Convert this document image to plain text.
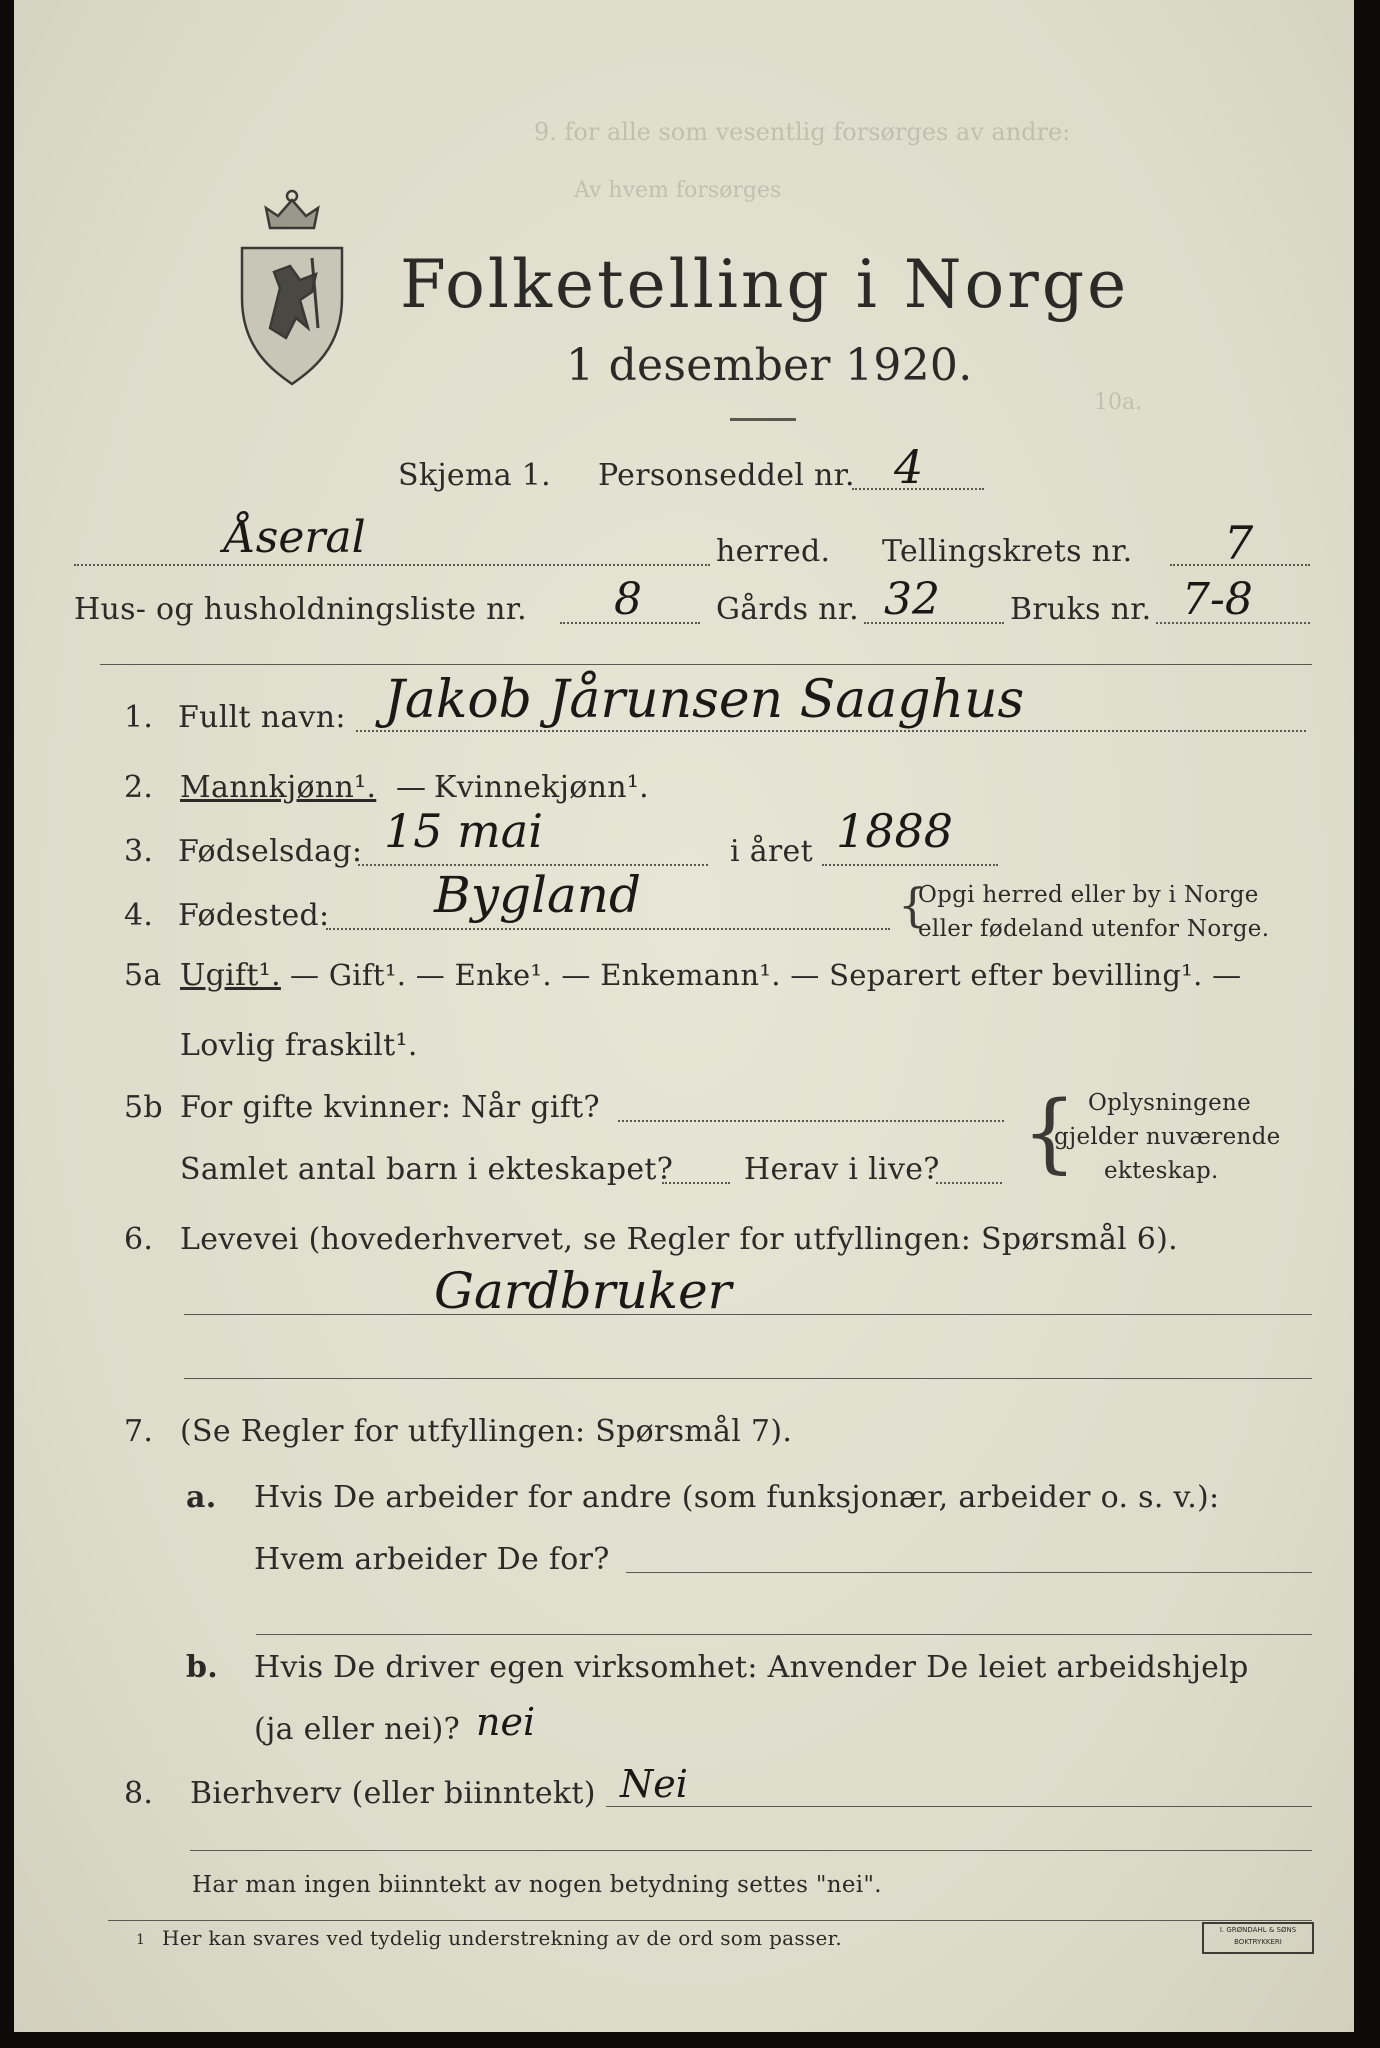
9. for alle som vesentlig forsørges av andre:
Av hvem forsørges
10a.
Folketelling i Norge
1 desember 1920.
Skjema 1. Personseddel nr. 4
Åseral	herred. Tellingskrets nr. 7
Hus- og husholdningsliste nr. 8 Gårds nr. 32 Bruks nr. 7-8
1. Fullt navn: Jakob Jårunsen Saaghus
2. Mannkjønn¹. — Kvinnekjønn¹.
3. Fødselsdag: 15 mai	i året 1888
4. Fødested: Bygland	{
Opgi herred eller by i Norge
eller fødeland utenfor Norge.
5a Ugift¹. — Gift¹. — Enke¹. — Enkemann¹. — Separert efter bevilling¹. —
Lovlig fraskilt¹.
5b For gifte kvinner: Når gift?
Samlet antal barn i ekteskapet? Herav i live? { Oplysningene
gjelder nuværende
ekteskap.
6. Levevei (hovederhvervet, se Regler for utfyllingen: Spørsmål 6).
Gardbruker
7. (Se Regler for utfyllingen: Spørsmål 7).
a. Hvis De arbeider for andre (som funksjonær, arbeider o. s. v.):
Hvem arbeider De for?
b. Hvis De driver egen virksomhet: Anvender De leiet arbeidshjelp
(ja eller nei)? nei
8. Bierhverv (eller biinntekt) Nei
Har man ingen biinntekt av nogen betydning settes "nei".
1 Her kan svares ved tydelig understrekning av de ord som passer.	I. GRØNDAHL & SØNS BOKTRYKKERI
